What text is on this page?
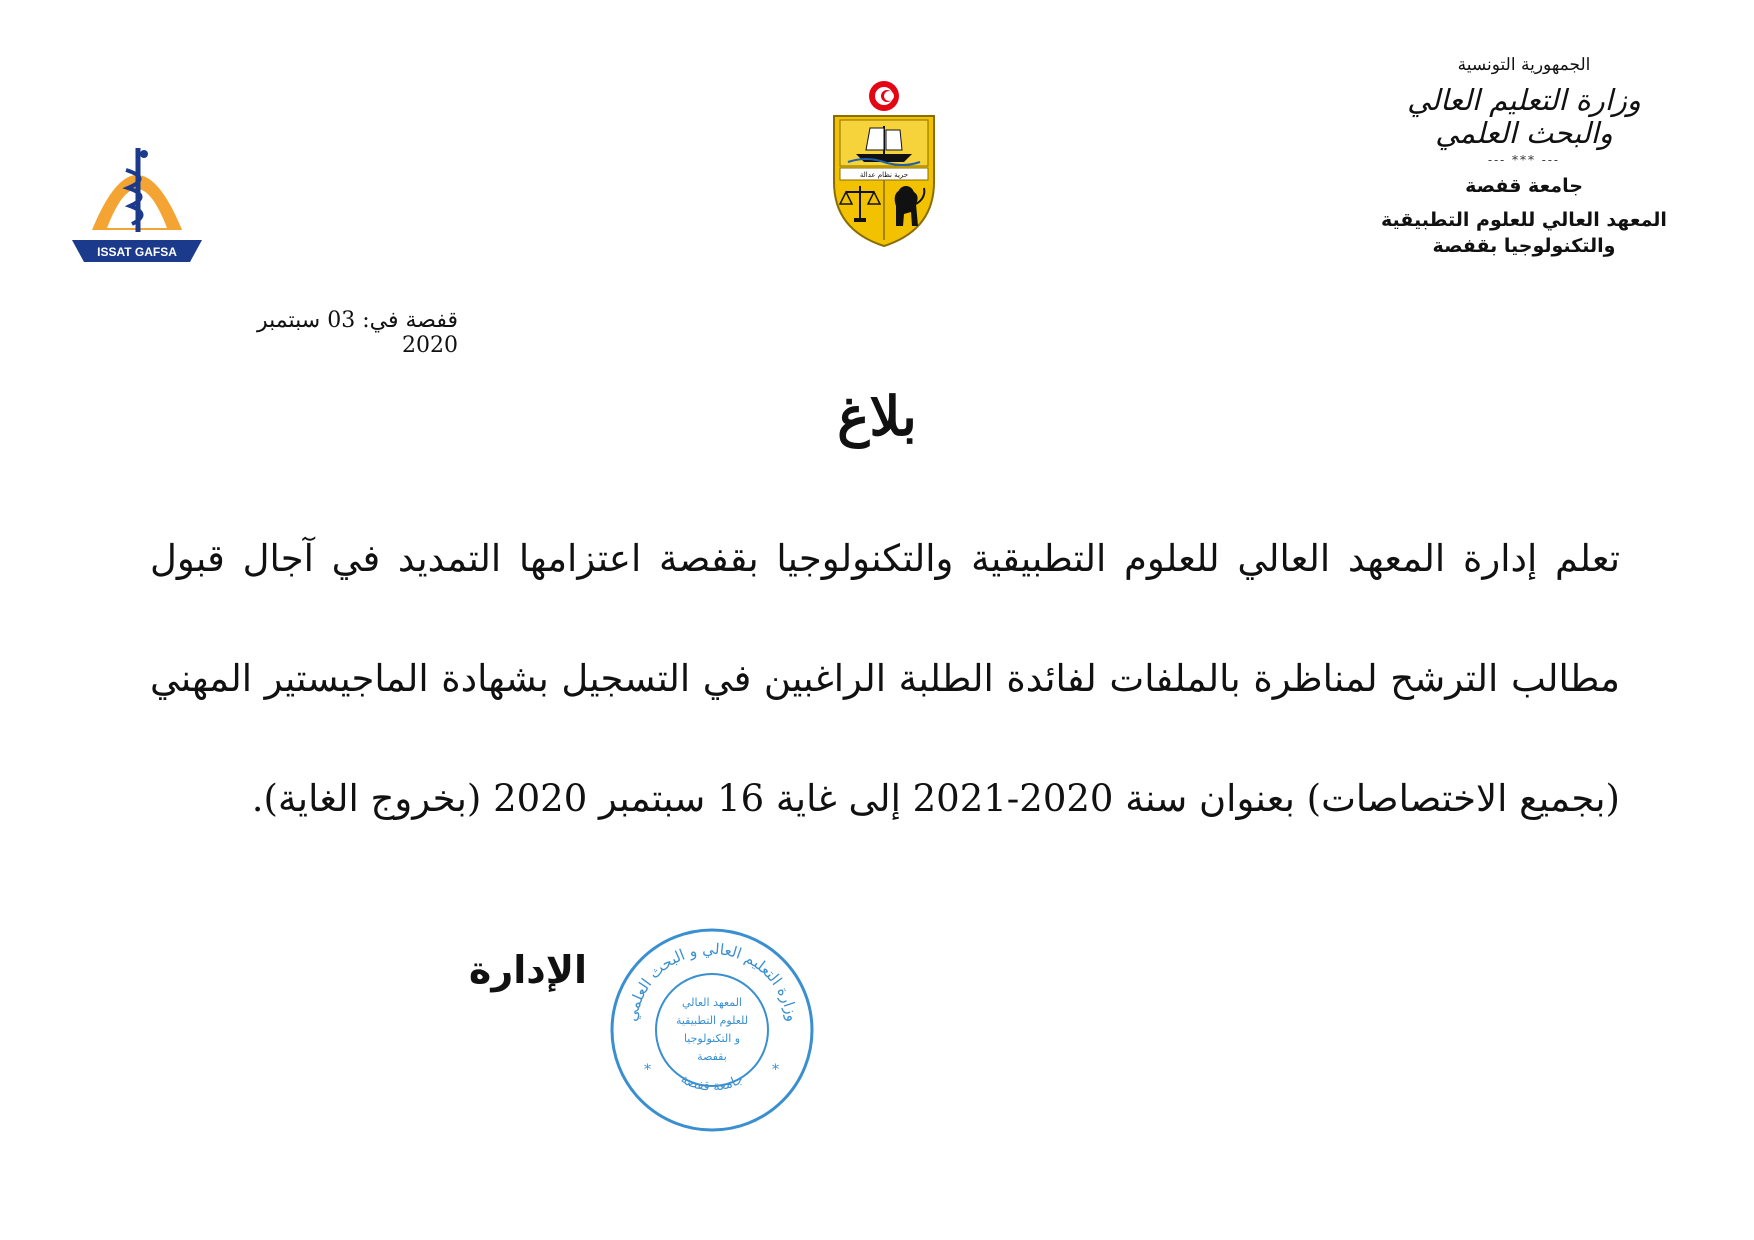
ISSAT GAFSA
حرية نظام عدالة
الجمهورية التونسية
وزارة التعليم العالي
والبحث العلمي
--- *** ---
جامعة قفصة
المعهد العالي للعلوم التطبيقية
والتكنولوجيا بقفصة
قفصة في: 03 سبتمبر 2020
بلاغ
تعلم إدارة المعهد العالي للعلوم التطبيقية والتكنولوجيا بقفصة اعتزامها التمديد في آجال قبول
مطالب الترشح لمناظرة بالملفات لفائدة الطلبة الراغبين في التسجيل بشهادة الماجيستير المهني
(بجميع الاختصاصات) بعنوان سنة 2020-2021 إلى غاية 16 سبتمبر 2020 (بخروج الغاية).
الإدارة
وزارة التعليم العالي و البحث العلمي
جامعة قفصة
*	*
المعهد العالي
للعلوم التطبيقية
و التكنولوجيا
بقفصة
